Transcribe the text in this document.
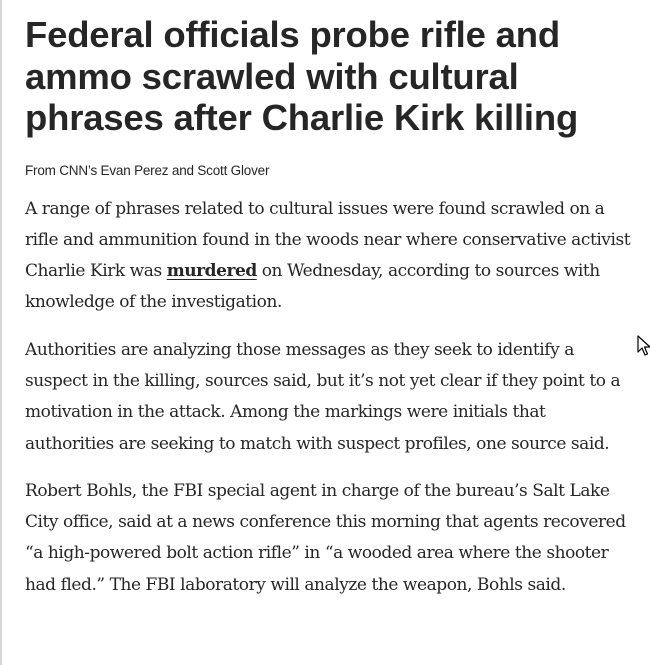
Federal officials probe rifle and ammo scrawled with cultural phrases after Charlie Kirk killing
From CNN’s Evan Perez and Scott Glover

A range of phrases related to cultural issues were found scrawled on a rifle and ammunition found in the woods near where conservative activist Charlie Kirk was murdered on Wednesday, according to sources with knowledge of the investigation.

Authorities are analyzing those messages as they seek to identify a suspect in the killing, sources said, but it’s not yet clear if they point to a motivation in the attack. Among the markings were initials that authorities are seeking to match with suspect profiles, one source said.

Robert Bohls, the FBI special agent in charge of the bureau’s Salt Lake City office, said at a news conference this morning that agents recovered “a high-powered bolt action rifle” in “a wooded area where the shooter had fled.” The FBI laboratory will analyze the weapon, Bohls said.
